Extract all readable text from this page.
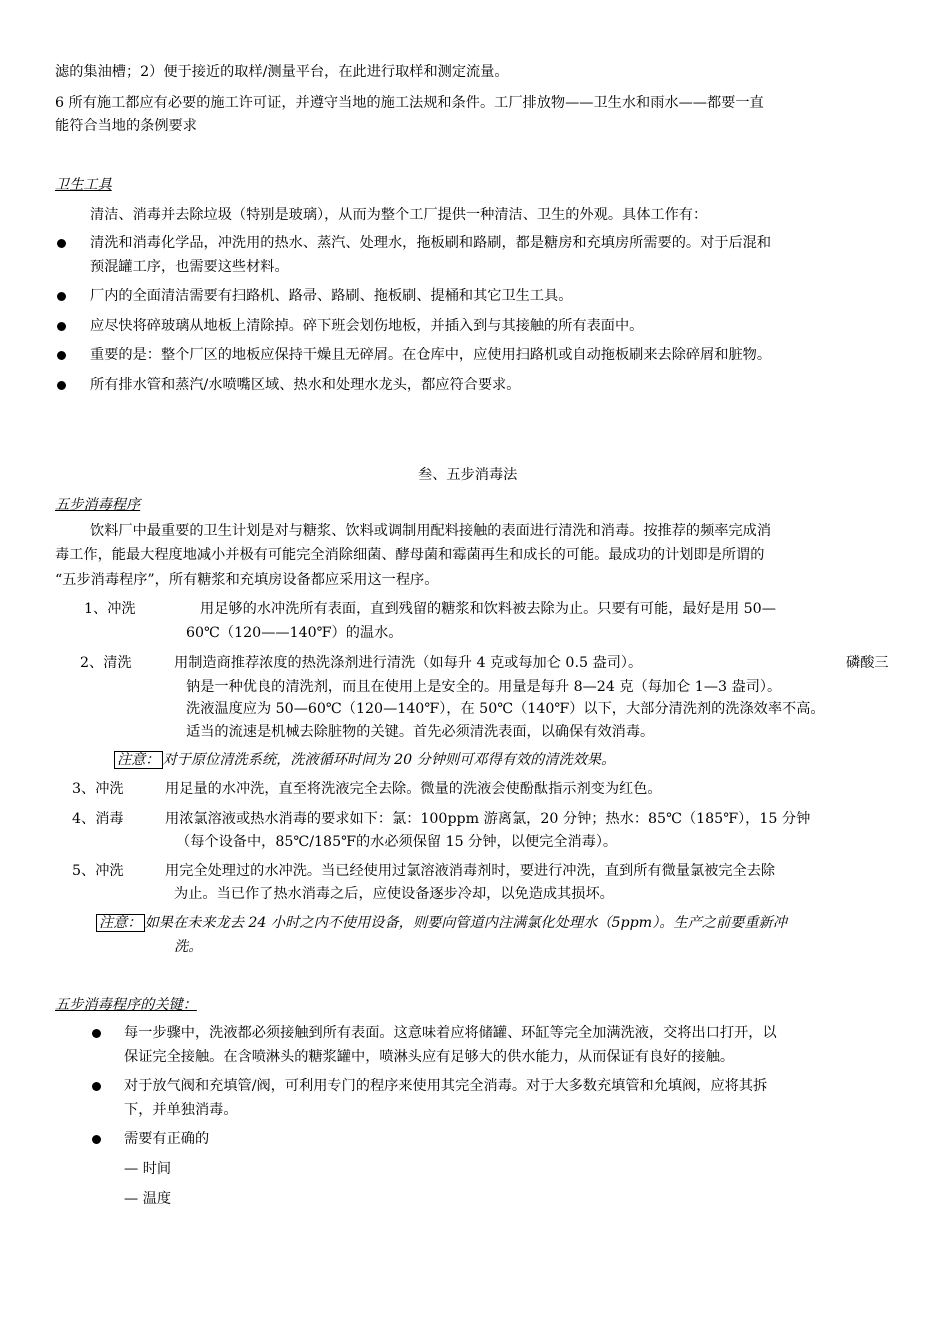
滤的集油槽；2）便于接近的取样/测量平台，在此进行取样和测定流量。
6 所有施工都应有必要的施工许可证，并遵守当地的施工法规和条件。工厂排放物——卫生水和雨水——都要一直
能符合当地的条例要求
卫生工具
清洁、消毒并去除垃圾（特别是玻璃），从而为整个工厂提供一种清洁、卫生的外观。具体工作有：
清洗和消毒化学品，冲洗用的热水、蒸汽、处理水，拖板刷和路刷，都是糖房和充填房所需要的。对于后混和
预混罐工序，也需要这些材料。
厂内的全面清洁需要有扫路机、路帚、路刷、拖板刷、提桶和其它卫生工具。
应尽快将碎玻璃从地板上清除掉。碎下班会划伤地板，并插入到与其接触的所有表面中。
重要的是：整个厂区的地板应保持干燥且无碎屑。在仓库中，应使用扫路机或自动拖板刷来去除碎屑和脏物。
所有排水管和蒸汽/水喷嘴区域、热水和处理水龙头，都应符合要求。
叁、五步消毒法
五步消毒程序
饮料厂中最重要的卫生计划是对与糖浆、饮料或调制用配料接触的表面进行清洗和消毒。按推荐的频率完成消
毒工作，能最大程度地减小并极有可能完全消除细菌、酵母菌和霉菌再生和成长的可能。最成功的计划即是所谓的
“五步消毒程序”，所有糖浆和充填房设备都应采用这一程序。
1、冲洗	用足够的水冲洗所有表面，直到残留的糖浆和饮料被去除为止。只要有可能，最好是用 50—
60℃（120——140℉）的温水。
2、清洗	用制造商推荐浓度的热洗涤剂进行清洗（如每升 4 克或每加仑 0.5 盎司）。	磷酸三
钠是一种优良的清洗剂，而且在使用上是安全的。用量是每升 8—24 克（每加仑 1—3 盎司）。
洗液温度应为 50—60℃（120—140℉），在 50℃（140℉）以下，大部分清洗剂的洗涤效率不高。
适当的流速是机械去除脏物的关键。首先必须清洗表面，以确保有效消毒。
注意： 对于原位清洗系统，洗液循环时间为 20 分钟则可邓得有效的清洗效果。
3、冲洗	用足量的水冲洗，直至将洗液完全去除。微量的洗液会使酚酞指示剂变为红色。
4、消毒	用浓氯溶液或热水消毒的要求如下：氯：100ppm 游离氯，20 分钟；热水：85℃（185℉），15 分钟
（每个设备中，85℃/185℉的水必须保留 15 分钟，以便完全消毒）。
5、冲洗	用完全处理过的水冲洗。当已经使用过氯溶液消毒剂时，要进行冲洗，直到所有微量氯被完全去除
为止。当已作了热水消毒之后，应使设备逐步冷却，以免造成其损坏。
注意： 如果在未来龙去 24 小时之内不使用设备，则要向管道内注满氯化处理水（5ppm）。生产之前要重新冲
洗。
五步消毒程序的关键：
每一步骤中，洗液都必须接触到所有表面。这意味着应将储罐、环缸等完全加满洗液，交将出口打开，以
保证完全接触。在含喷淋头的糖浆罐中，喷淋头应有足够大的供水能力，从而保证有良好的接触。
对于放气阀和充填管/阀，可利用专门的程序来使用其完全消毒。对于大多数充填管和允填阀，应将其拆
下，并单独消毒。
需要有正确的
— 时间
— 温度
